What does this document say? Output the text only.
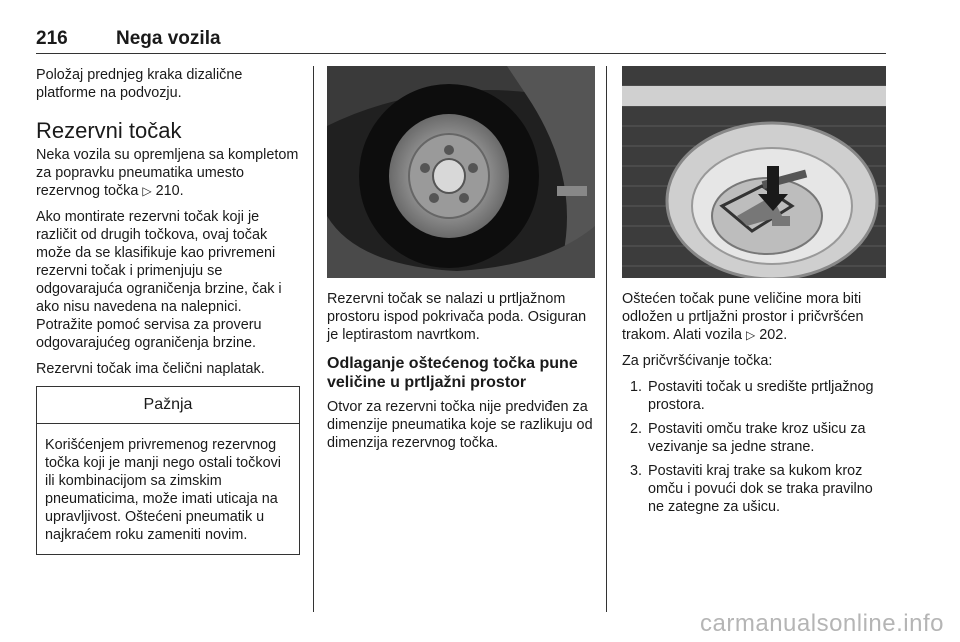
216	Nega vozila

Položaj prednjeg kraka dizalične platforme na podvozju.

Rezervni točak

Neka vozila su opremljena sa kompletom za popravku pneumatika umesto rezervnog točka ▷ 210.

Ako montirate rezervni točak koji je različit od drugih točkova, ovaj točak može da se klasifikuje kao privremeni rezervni točak i primenjuju se odgovarajuća ograničenja brzine, čak i ako nisu navedena na nalepnici. Potražite pomoć servisa za proveru odgovarajućeg ograničenja brzine.

Rezervni točak ima čelični naplatak.

Pažnja
Korišćenjem privremenog rezervnog točka koji je manji nego ostali točkovi ili kombinacijom sa zimskim pneumaticima, može imati uticaja na upravljivost. Oštećeni pneumatik u najkraćem roku zameniti novim.

Rezervni točak se nalazi u prtljažnom prostoru ispod pokrivača poda. Osiguran je leptirastom navrtkom.

Odlaganje oštećenog točka pune veličine u prtljažni prostor

Otvor za rezervni točka nije predviđen za dimenzije pneumatika koje se razlikuju od dimenzija rezervnog točka.

Oštećen točak pune veličine mora biti odložen u prtljažni prostor i pričvršćen trakom. Alati vozila ▷ 202.

Za pričvršćivanje točka:

1. Postaviti točak u središte prtljažnog prostora.
2. Postaviti omču trake kroz ušicu za vezivanje sa jedne strane.
3. Postaviti kraj trake sa kukom kroz omču i povući dok se traka pravilno ne zategne za ušicu.
carmanualsonline.info
